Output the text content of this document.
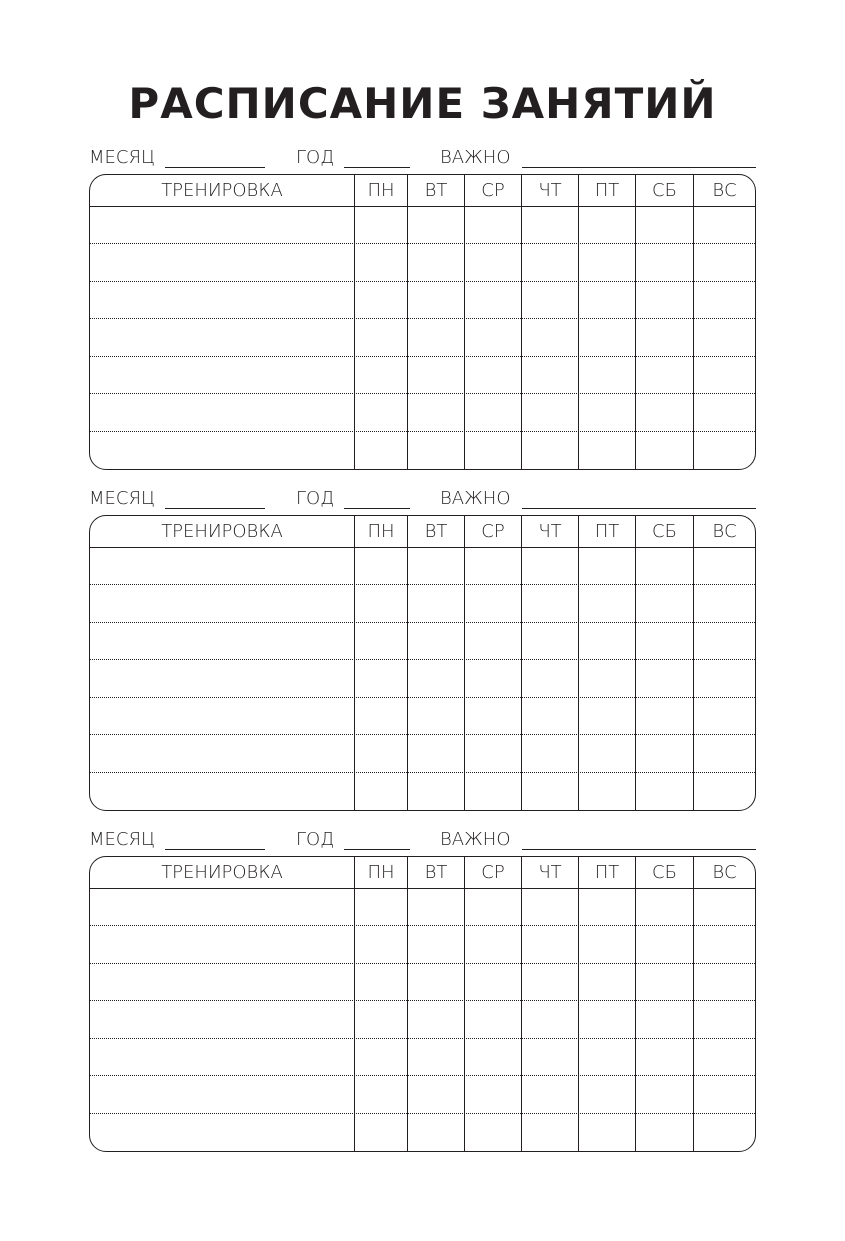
РАСПИСАНИЕ ЗАНЯТИЙ
МЕСЯЦ	ГОД	ВАЖНО
ТРЕНИРОВКА	ПН	ВТ	СР	ЧТ	ПТ	СБ	ВС
МЕСЯЦ	ГОД	ВАЖНО
ТРЕНИРОВКА	ПН	ВТ	СР	ЧТ	ПТ	СБ	ВС
МЕСЯЦ	ГОД	ВАЖНО
ТРЕНИРОВКА	ПН	ВТ	СР	ЧТ	ПТ	СБ	ВС
